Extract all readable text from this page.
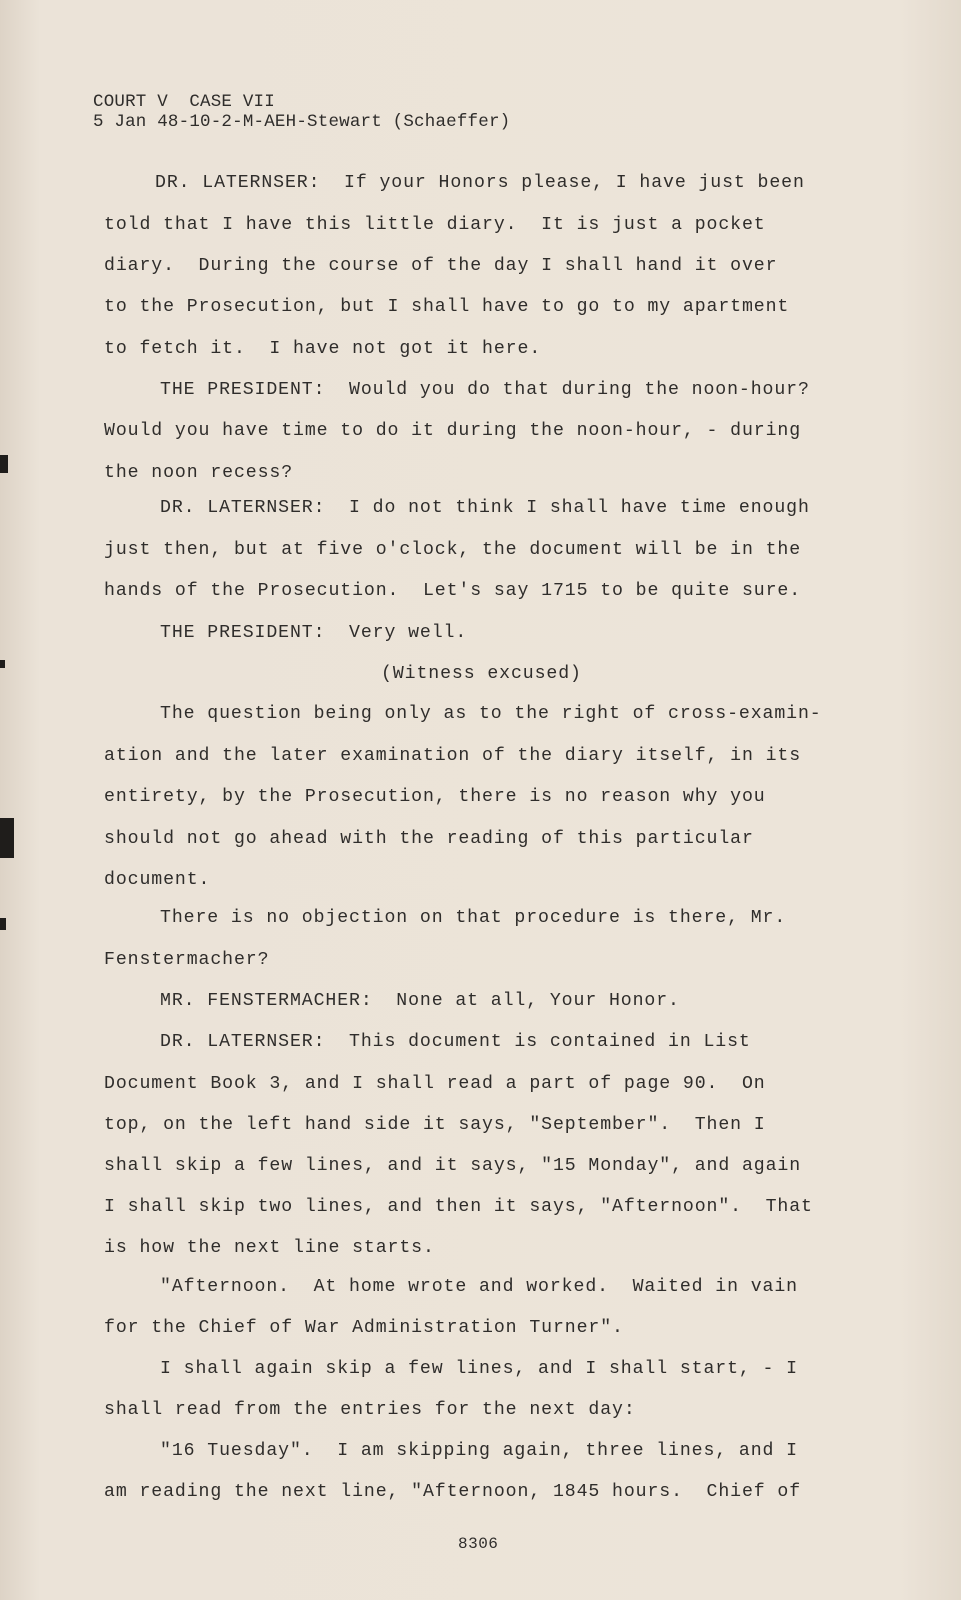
COURT V  CASE VII
5 Jan 48-10-2-M-AEH-Stewart (Schaeffer)
DR. LATERNSER:  If your Honors please, I have just been
told that I have this little diary.  It is just a pocket
diary.  During the course of the day I shall hand it over
to the Prosecution, but I shall have to go to my apartment
to fetch it.  I have not got it here.
THE PRESIDENT:  Would you do that during the noon-hour?
Would you have time to do it during the noon-hour, - during
the noon recess?
DR. LATERNSER:  I do not think I shall have time enough
just then, but at five o'clock, the document will be in the
hands of the Prosecution.  Let's say 1715 to be quite sure.
THE PRESIDENT:  Very well.
(Witness excused)
The question being only as to the right of cross-examin-
ation and the later examination of the diary itself, in its
entirety, by the Prosecution, there is no reason why you
should not go ahead with the reading of this particular
document.
There is no objection on that procedure is there, Mr.
Fenstermacher?
MR. FENSTERMACHER:  None at all, Your Honor.
DR. LATERNSER:  This document is contained in List
Document Book 3, and I shall read a part of page 90.  On
top, on the left hand side it says, "September".  Then I
shall skip a few lines, and it says, "15 Monday", and again
I shall skip two lines, and then it says, "Afternoon".  That
is how the next line starts.
"Afternoon.  At home wrote and worked.  Waited in vain
for the Chief of War Administration Turner".
I shall again skip a few lines, and I shall start, - I
shall read from the entries for the next day:
"16 Tuesday".  I am skipping again, three lines, and I
am reading the next line, "Afternoon, 1845 hours.  Chief of
8306
